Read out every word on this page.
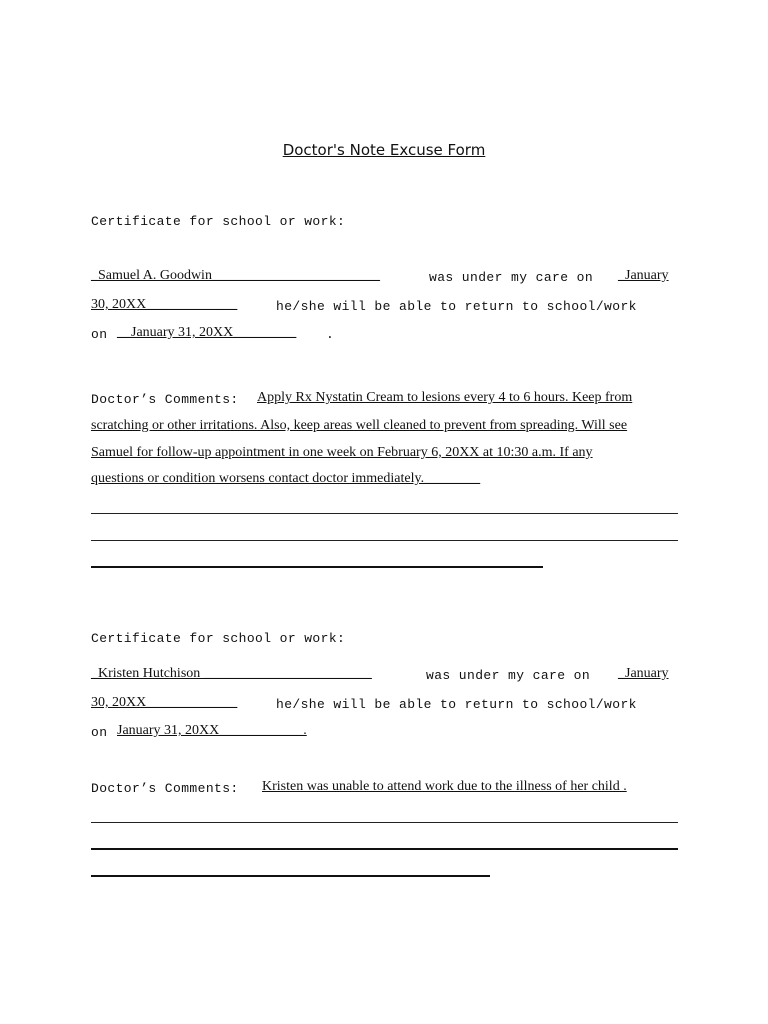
Doctor's Note Excuse Form
Certificate for school or work:
_Samuel A. Goodwin________________________	was under my care on _January
30, 20XX_____________	he/she will be able to return to school/work
on __January 31, 20XX_________ .
Doctor’s Comments: Apply Rx Nystatin Cream to lesions every 4 to 6 hours. Keep from
scratching or other irritations. Also, keep areas well cleaned to prevent from spreading. Will see
Samuel for follow-up appointment in one week on February 6, 20XX at 10:30 a.m. If any
questions or condition worsens contact doctor immediately.________
Certificate for school or work:
_Kristen Hutchison ________________________	was under my care on _January
30, 20XX_____________	he/she will be able to return to school/work
on January 31, 20XX____________.
Doctor’s Comments: Kristen was unable to attend work due to the illness of her child .
